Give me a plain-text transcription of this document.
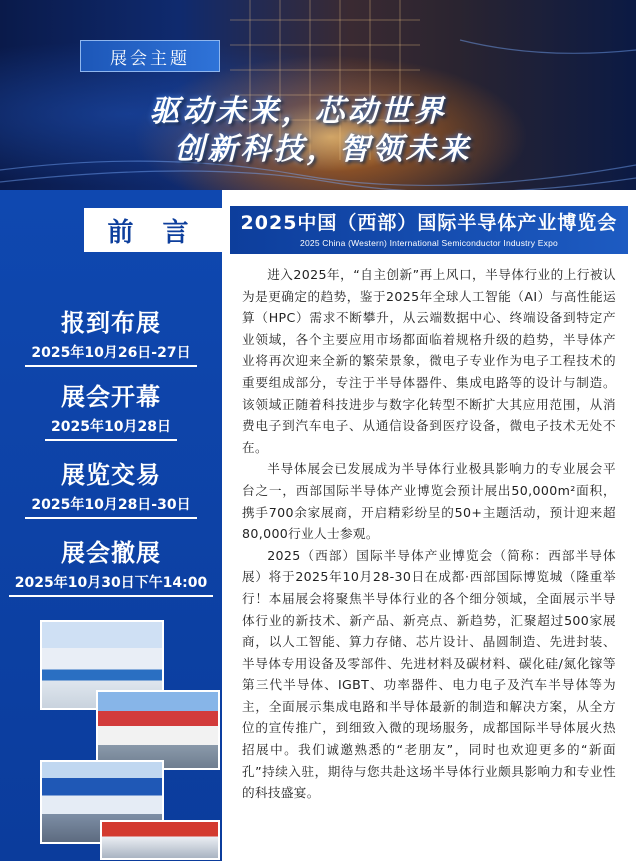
展会主题
驱动未来，芯动世界
创新科技，智领未来
前 言
报到布展
2025年10月26日-27日
展会开幕
2025年10月28日
展览交易
2025年10月28日-30日
展会撤展
2025年10月30日下午14:00
2025中国（西部）国际半导体产业博览会
2025 China (Western) International Semiconductor Industry Expo

进入2025年，“自主创新”再上风口，半导体行业的上行被认为是更确定的趋势，鉴于2025年全球人工智能（AI）与高性能运算（HPC）需求不断攀升，从云端数据中心、终端设备到特定产业领域，各个主要应用市场都面临着规格升级的趋势，半导体产业将再次迎来全新的繁荣景象，微电子专业作为电子工程技术的重要组成部分，专注于半导体器件、集成电路等的设计与制造。该领域正随着科技进步与数字化转型不断扩大其应用范围，从消费电子到汽车电子、从通信设备到医疗设备，微电子技术无处不在。

半导体展会已发展成为半导体行业极具影响力的专业展会平台之一，西部国际半导体产业博览会预计展出50,000m²面积，携手700余家展商，开启精彩纷呈的50+主题活动，预计迎来超80,000行业人士参观。

2025（西部）国际半导体产业博览会（简称：西部半导体展）将于2025年10月28-30日在成都·西部国际博览城（隆重举行！本届展会将聚焦半导体行业的各个细分领域，全面展示半导体行业的新技术、新产品、新亮点、新趋势，汇聚超过500家展商，以人工智能、算力存储、芯片设计、晶圆制造、先进封装、半导体专用设备及零部件、先进材料及碳材料、碳化硅/氮化镓等第三代半导体、IGBT、功率器件、电力电子及汽车半导体等为主，全面展示集成电路和半导体最新的制造和解决方案，从全方位的宣传推广，到细致入微的现场服务，成都国际半导体展火热招展中。我们诚邀熟悉的“老朋友”，同时也欢迎更多的“新面孔”持续入驻，期待与您共赴这场半导体行业颇具影响力和专业性的科技盛宴。
